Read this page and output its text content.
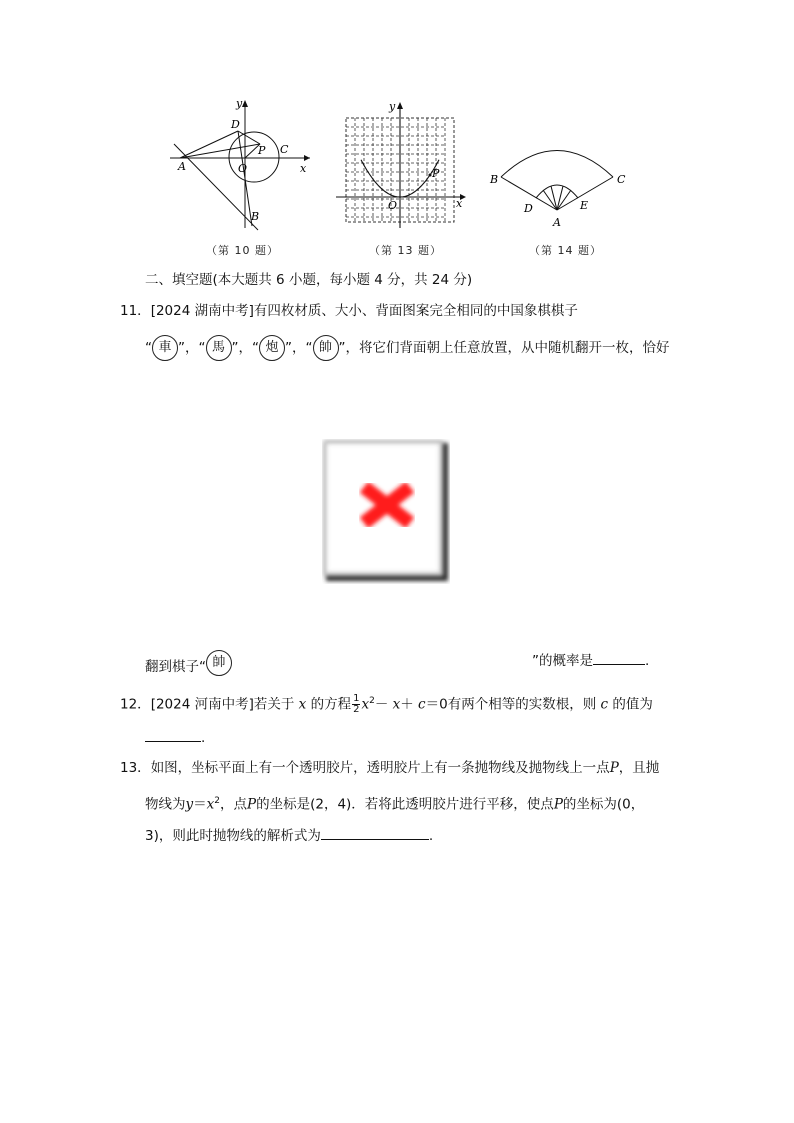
y
x
A
B
C
D
P
O
（第 10 题）
y
x
O
P
（第 13 题）
B	C
D	E
A
（第 14 题）
二、填空题(本大题共 6 小题，每小题 4 分，共 24 分)
11．[2024 湖南中考]有四枚材质、大小、背面图案完全相同的中国象棋棋子
“ 車 ”，“ 馬 ”，“ 炮 ”，“ 帥 ”，将它们背面朝上任意放置，从中随机翻开一枚，恰好
翻到棋子“ 帥	”的概率是	.
12．[2024 河南中考]若关于 x 的方程 $\frac{1}{2} x^2- x+ c=0$有两个相等的实数根，则 c 的值为
.
13．如图，坐标平面上有一个透明胶片，透明胶片上有一条抛物线及抛物线上一点P，且抛
物线为$y=x^2$，点P的坐标是(2，4)．若将此透明胶片进行平移，使点P的坐标为(0，
3)，则此时抛物线的解析式为	.
